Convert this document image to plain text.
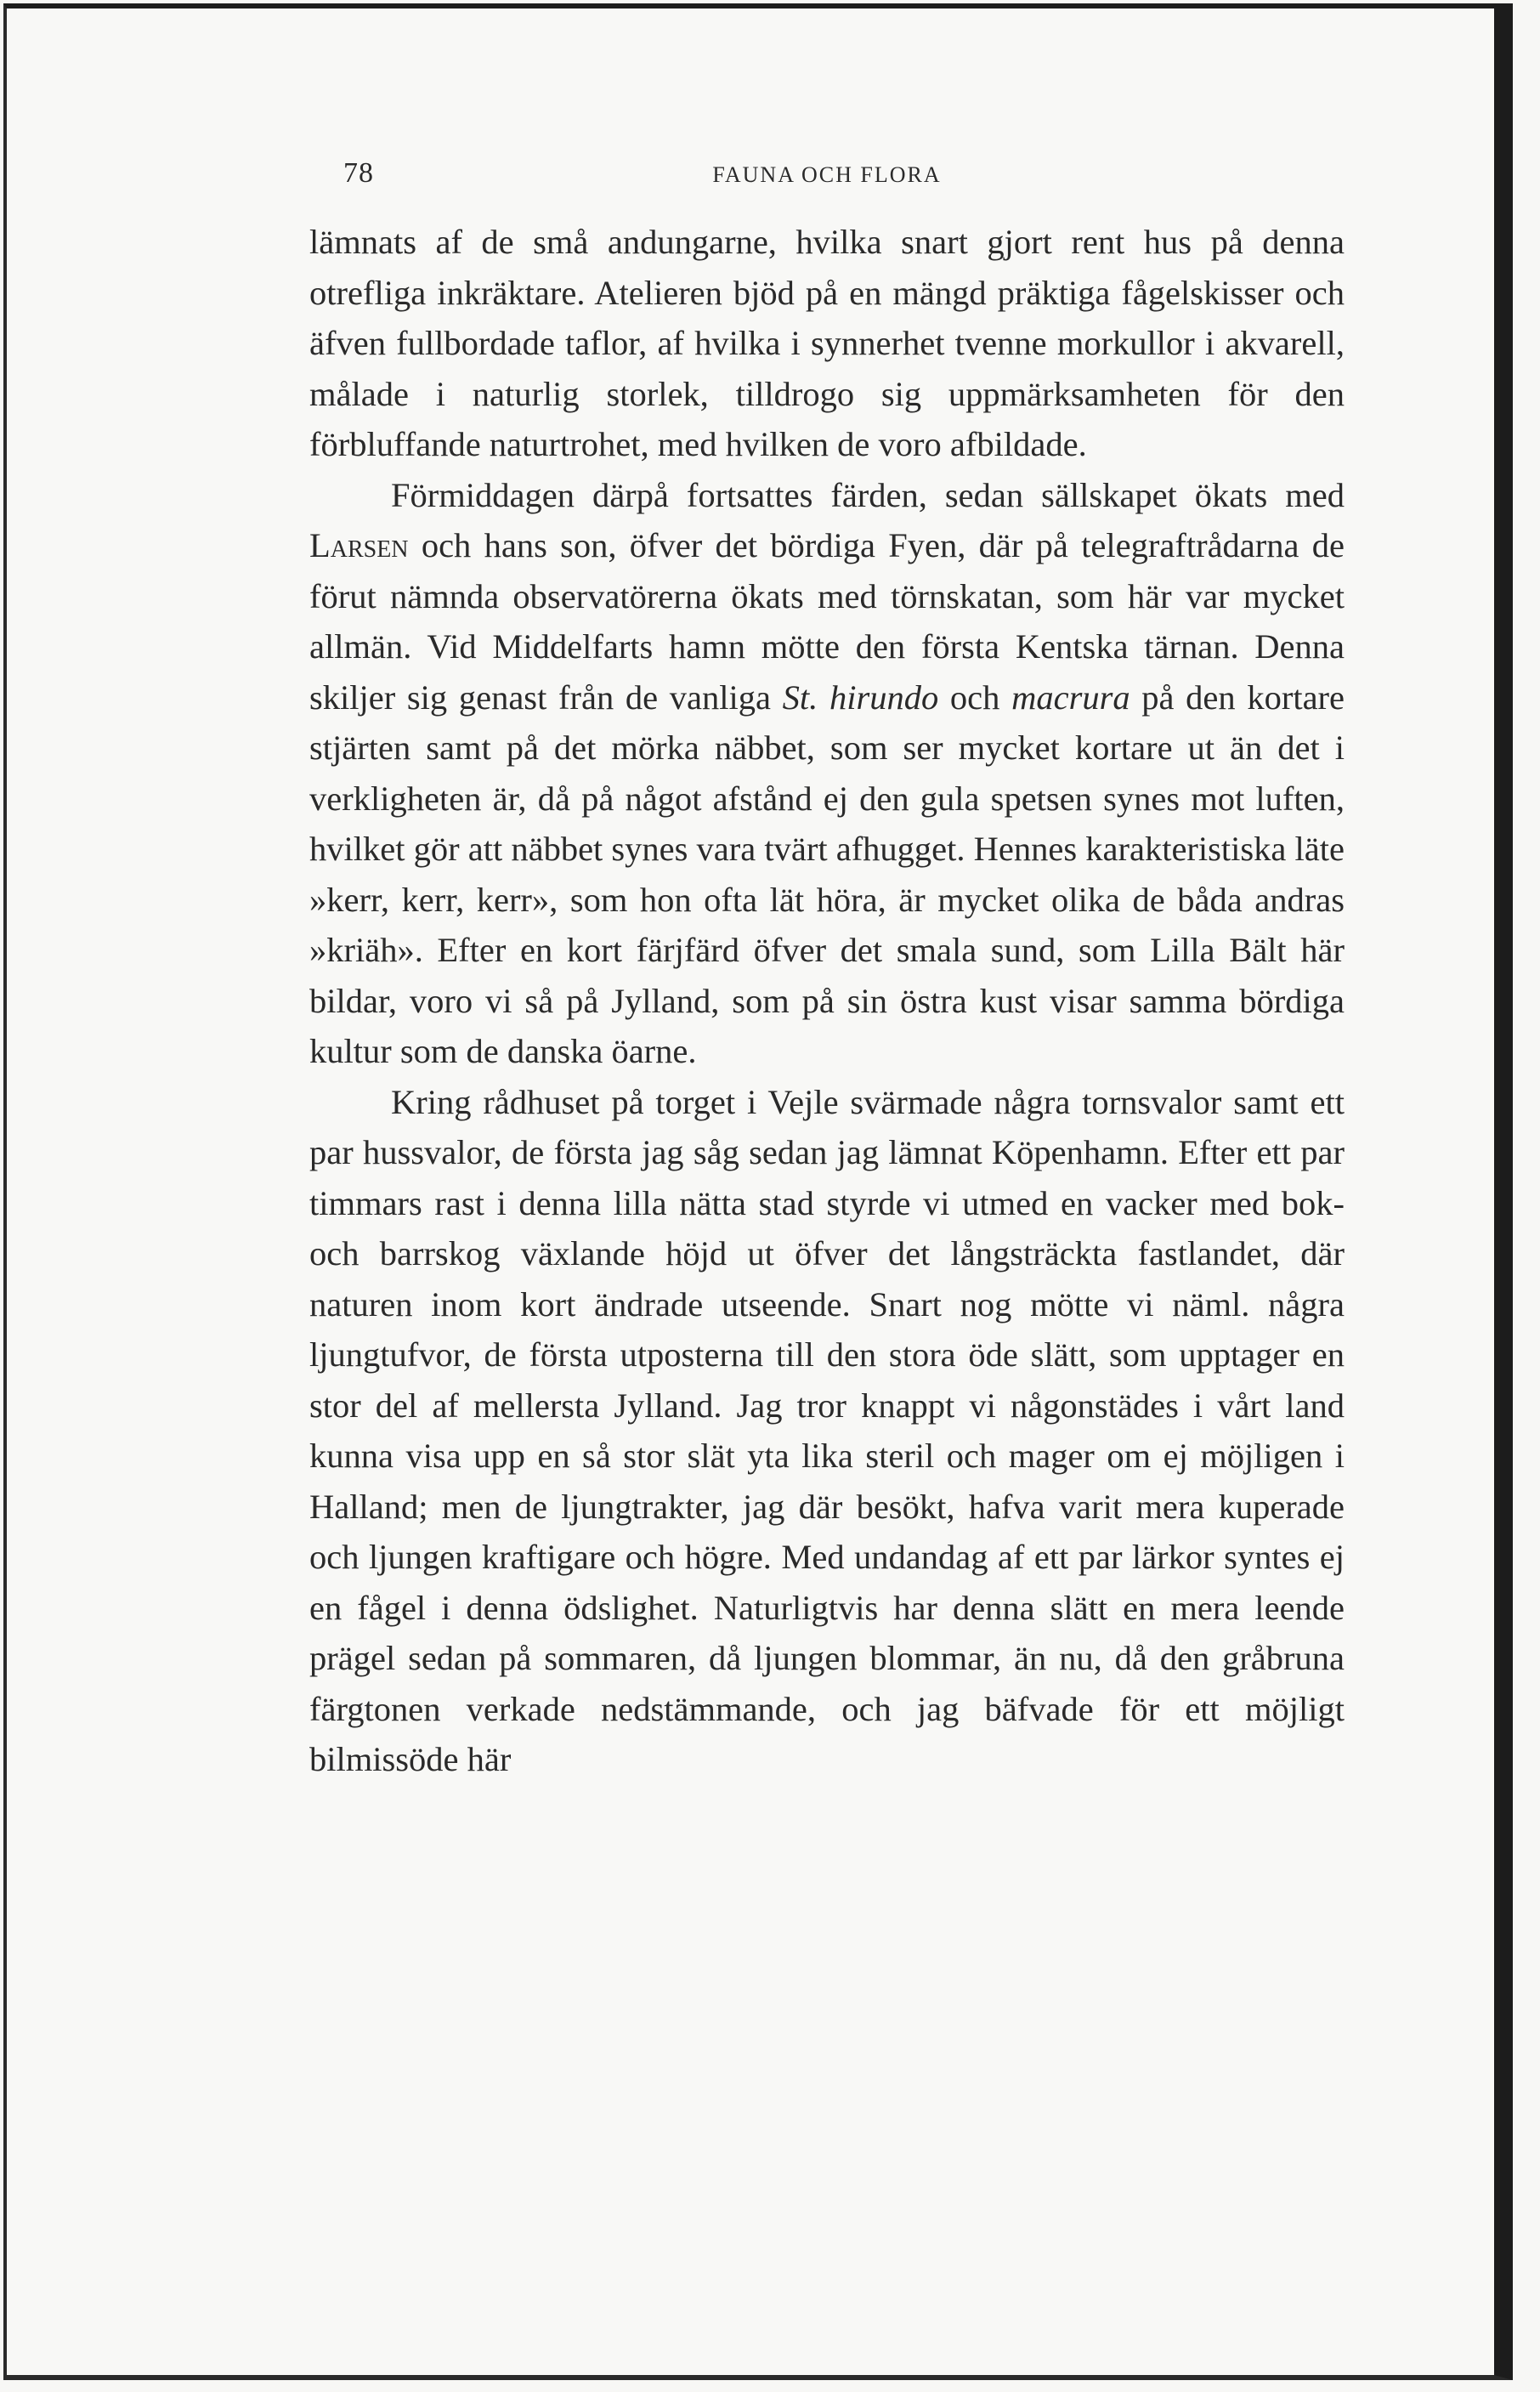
78	FAUNA OCH FLORA

lämnats af de små andungarne, hvilka snart gjort rent hus på denna otrefliga inkräktare. Atelieren bjöd på en mängd präktiga fågelskisser och äfven fullbordade taflor, af hvilka i synnerhet tvenne morkullor i akvarell, målade i naturlig storlek, tilldrogo sig uppmärksamheten för den förbluffande naturtrohet, med hvilken de voro afbildade.

Förmiddagen därpå fortsattes färden, sedan sällskapet ökats med Larsen och hans son, öfver det bördiga Fyen, där på telegraftrådarna de förut nämnda observatörerna ökats med törnskatan, som här var mycket allmän. Vid Middelfarts hamn mötte den första Kentska tärnan. Denna skiljer sig genast från de vanliga St. hirundo och macrura på den kortare stjärten samt på det mörka näbbet, som ser mycket kortare ut än det i verkligheten är, då på något afstånd ej den gula spetsen synes mot luften, hvilket gör att näbbet synes vara tvärt afhugget. Hennes karakteristiska läte »kerr, kerr, kerr», som hon ofta lät höra, är mycket olika de båda andras »kriäh». Efter en kort färjfärd öfver det smala sund, som Lilla Bält här bildar, voro vi så på Jylland, som på sin östra kust visar samma bördiga kultur som de danska öarne.

Kring rådhuset på torget i Vejle svärmade några tornsvalor samt ett par hussvalor, de första jag såg sedan jag lämnat Köpenhamn. Efter ett par timmars rast i denna lilla nätta stad styrde vi utmed en vacker med bok- och barrskog växlande höjd ut öfver det långsträckta fastlandet, där naturen inom kort ändrade utseende. Snart nog mötte vi näml. några ljungtufvor, de första utposterna till den stora öde slätt, som upptager en stor del af mellersta Jylland. Jag tror knappt vi någonstädes i vårt land kunna visa upp en så stor slät yta lika steril och mager om ej möjligen i Halland; men de ljungtrakter, jag där besökt, hafva varit mera kuperade och ljungen kraftigare och högre. Med undandag af ett par lärkor syntes ej en fågel i denna ödslighet. Naturligtvis har denna slätt en mera leende prägel sedan på sommaren, då ljungen blommar, än nu, då den gråbruna färgtonen verkade nedstämmande, och jag bäfvade för ett möjligt bilmissöde här
